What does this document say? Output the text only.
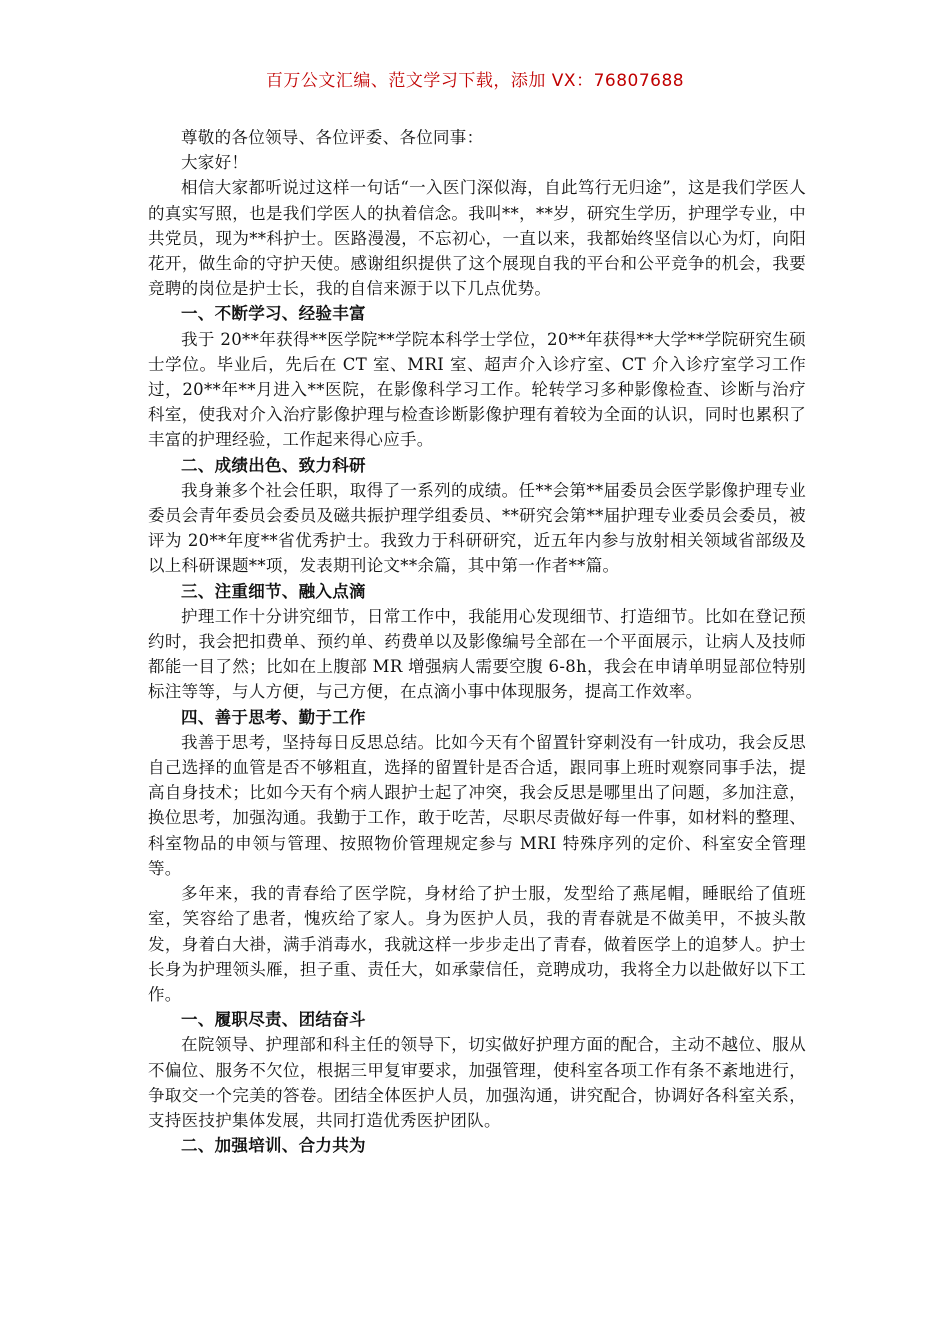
百万公文汇编、范文学习下载，添加 VX：76807688

尊敬的各位领导、各位评委、各位同事：

大家好！

相信大家都听说过这样一句话“一入医门深似海，自此笃行无归途”，这是我们学医人的真实写照，也是我们学医人的执着信念。我叫**，**岁，研究生学历，护理学专业，中共党员，现为**科护士。医路漫漫，不忘初心，一直以来，我都始终坚信以心为灯，向阳花开，做生命的守护天使。感谢组织提供了这个展现自我的平台和公平竞争的机会，我要竞聘的岗位是护士长，我的自信来源于以下几点优势。

一、不断学习、经验丰富

我于 20**年获得**医学院**学院本科学士学位，20**年获得**大学**学院研究生硕士学位。毕业后，先后在 CT 室、MRI 室、超声介入诊疗室、CT 介入诊疗室学习工作过，20**年**月进入**医院，在影像科学习工作。轮转学习多种影像检查、诊断与治疗科室，使我对介入治疗影像护理与检查诊断影像护理有着较为全面的认识，同时也累积了丰富的护理经验，工作起来得心应手。

二、成绩出色、致力科研

我身兼多个社会任职，取得了一系列的成绩。任**会第**届委员会医学影像护理专业委员会青年委员会委员及磁共振护理学组委员、**研究会第**届护理专业委员会委员，被评为 20**年度**省优秀护士。我致力于科研研究，近五年内参与放射相关领域省部级及以上科研课题**项，发表期刊论文**余篇，其中第一作者**篇。

三、注重细节、融入点滴

护理工作十分讲究细节，日常工作中，我能用心发现细节、打造细节。比如在登记预约时，我会把扣费单、预约单、药费单以及影像编号全部在一个平面展示，让病人及技师都能一目了然；比如在上腹部 MR 增强病人需要空腹 6-8h，我会在申请单明显部位特别标注等等，与人方便，与己方便，在点滴小事中体现服务，提高工作效率。

四、善于思考、勤于工作

我善于思考，坚持每日反思总结。比如今天有个留置针穿刺没有一针成功，我会反思自己选择的血管是否不够粗直，选择的留置针是否合适，跟同事上班时观察同事手法，提高自身技术；比如今天有个病人跟护士起了冲突，我会反思是哪里出了问题，多加注意，换位思考，加强沟通。我勤于工作，敢于吃苦，尽职尽责做好每一件事，如材料的整理、科室物品的申领与管理、按照物价管理规定参与 MRI 特殊序列的定价、科室安全管理等。

多年来，我的青春给了医学院，身材给了护士服，发型给了燕尾帽，睡眠给了值班室，笑容给了患者，愧疚给了家人。身为医护人员，我的青春就是不做美甲，不披头散发，身着白大褂，满手消毒水，我就这样一步步走出了青春，做着医学上的追梦人。护士长身为护理领头雁，担子重、责任大，如承蒙信任，竞聘成功，我将全力以赴做好以下工作。

一、履职尽责、团结奋斗

在院领导、护理部和科主任的领导下，切实做好护理方面的配合，主动不越位、服从不偏位、服务不欠位，根据三甲复审要求，加强管理，使科室各项工作有条不紊地进行，争取交一个完美的答卷。团结全体医护人员，加强沟通，讲究配合，协调好各科室关系，支持医技护集体发展，共同打造优秀医护团队。

二、加强培训、合力共为
